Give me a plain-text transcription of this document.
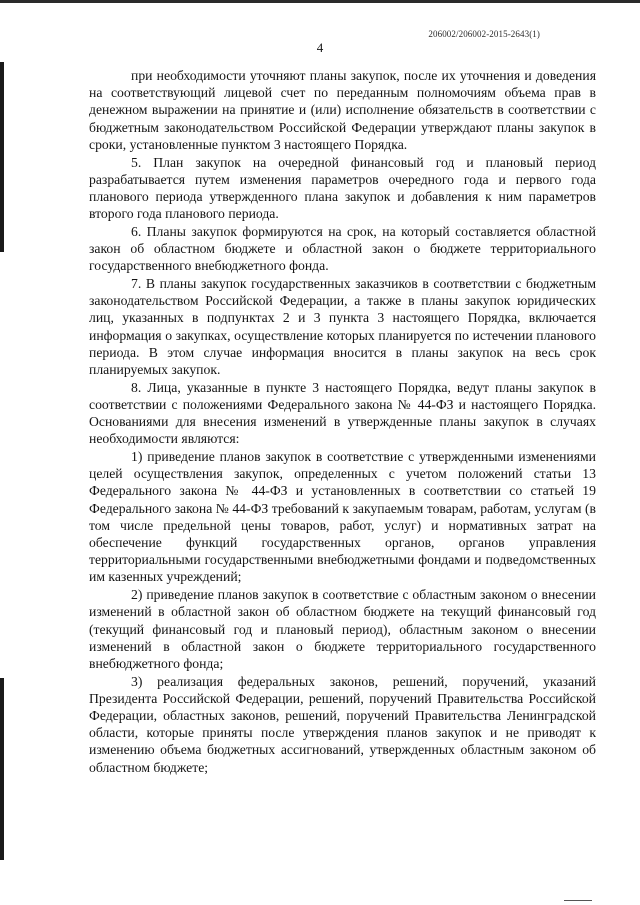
206002/206002-2015-2643(1)
4

при необходимости уточняют планы закупок, после их уточнения и доведения на соответствующий лицевой счет по переданным полномочиям объема прав в денежном выражении на принятие и (или) исполнение обязательств в соответствии с бюджетным законодательством Российской Федерации утверждают планы закупок в сроки, установленные пунктом 3 настоящего Порядка.

5. План закупок на очередной финансовый год и плановый период разрабатывается путем изменения параметров очередного года и первого года планового периода утвержденного плана закупок и добавления к ним параметров второго года планового периода.

6. Планы закупок формируются на срок, на который составляется областной закон об областном бюджете и областной закон о бюджете территориального государственного внебюджетного фонда.

7. В планы закупок государственных заказчиков в соответствии с бюджетным законодательством Российской Федерации, а также в планы закупок юридических лиц, указанных в подпунктах 2 и 3 пункта 3 настоящего Порядка, включается информация о закупках, осуществление которых планируется по истечении планового периода. В этом случае информация вносится в планы закупок на весь срок планируемых закупок.

8. Лица, указанные в пункте 3 настоящего Порядка, ведут планы закупок в соответствии с положениями Федерального закона № 44-ФЗ и настоящего Порядка. Основаниями для внесения изменений в утвержденные планы закупок в случаях необходимости являются:

1) приведение планов закупок в соответствие с утвержденными изменениями целей осуществления закупок, определенных с учетом положений статьи 13 Федерального закона № 44-ФЗ и установленных в соответствии со статьей 19 Федерального закона № 44-ФЗ требований к закупаемым товарам, работам, услугам (в том числе предельной цены товаров, работ, услуг) и нормативных затрат на обеспечение функций государственных органов, органов управления территориальными государственными внебюджетными фондами и подведомственных им казенных учреждений;

2) приведение планов закупок в соответствие с областным законом о внесении изменений в областной закон об областном бюджете на текущий финансовый год (текущий финансовый год и плановый период), областным законом о внесении изменений в областной закон о бюджете территориального государственного внебюджетного фонда;

3) реализация федеральных законов, решений, поручений, указаний Президента Российской Федерации, решений, поручений Правительства Российской Федерации, областных законов, решений, поручений Правительства Ленинградской области, которые приняты после утверждения планов закупок и не приводят к изменению объема бюджетных ассигнований, утвержденных областным законом об областном бюджете;
